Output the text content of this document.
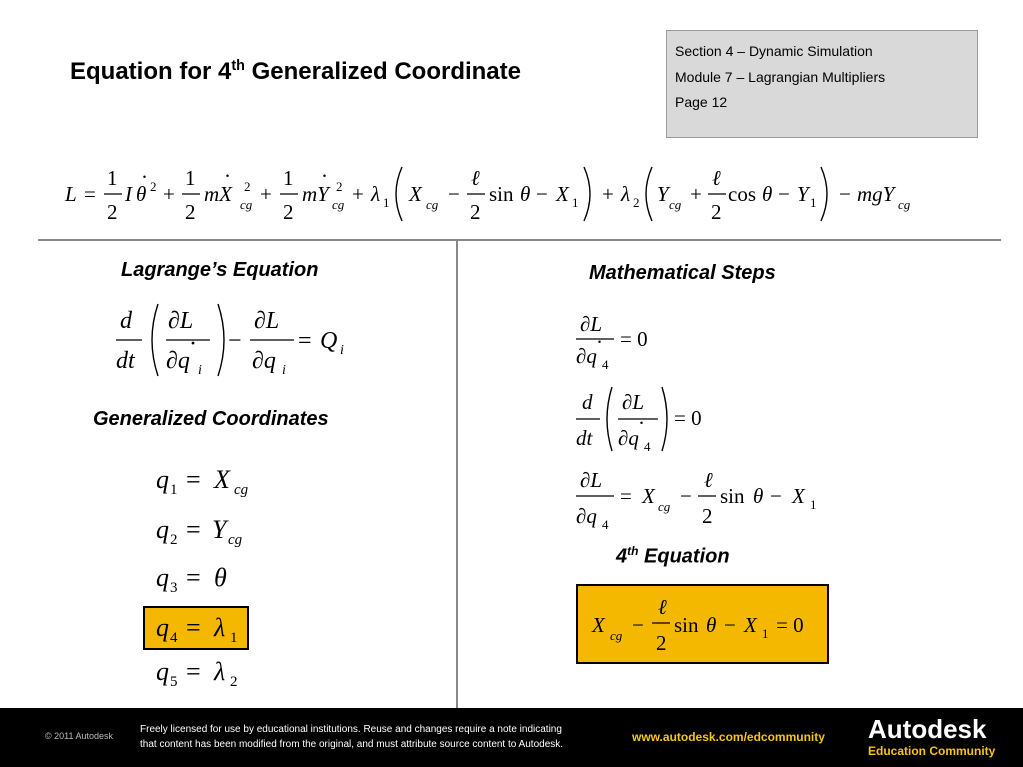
Equation for 4th Generalized Coordinate
Section 4 – Dynamic Simulation
Module 7 – Lagrangian Multipliers
Page 12
L =
1
2
I θ
· 2 +
1
2
mX
· 2
cg +
1
2
mY
· 2
cg + λ 1 X cg −
ℓ
2
sin θ − X 1 + λ 2 Y cg +
ℓ
2
cos θ − Y 1 − mgY cg
Lagrange’s Equation
Generalized Coordinates
d
dt
∂L
∂q
·
i
−
∂L
∂q i
= Q i
q 1 = X cg
q 2 = Y cg
q 3 = θ
q 4 = λ 1
q 5 = λ 2
Mathematical Steps
∂L
∂q
·
4
= 0
d
dt
∂L
∂q
·
4
= 0
∂L
∂q 4
= X cg −
ℓ
2
sin θ − X 1
4th Equation
X cg −
ℓ
2
sin θ − X 1 = 0
© 2011 Autodesk
Freely licensed for use by educational institutions. Reuse and changes require a note indicating
that content has been modified from the original, and must attribute source content to Autodesk.
www.autodesk.com/edcommunity Autodesk
Education Community
